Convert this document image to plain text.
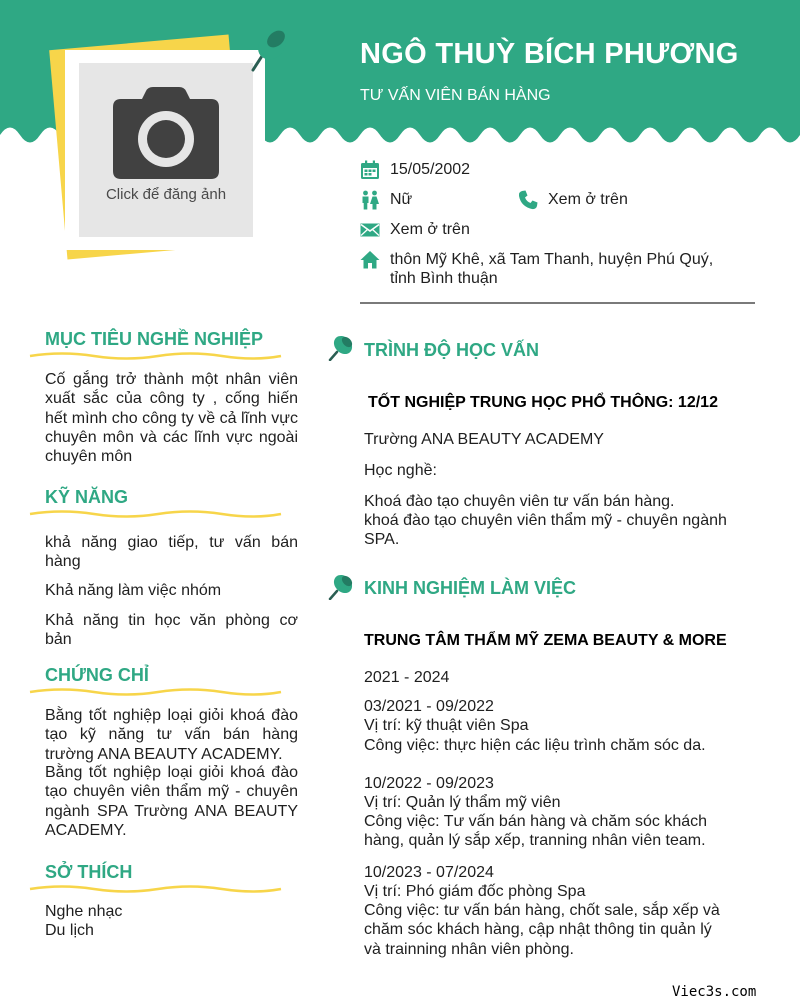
NGÔ THUỲ BÍCH PHƯƠNG
TƯ VẤN VIÊN BÁN HÀNG
Click để đăng ảnh
15/05/2002
Nữ	Xem ở trên
Xem ở trên
thôn Mỹ Khê, xã Tam Thanh, huyện Phú Quý, tỉnh Bình thuận
MỤC TIÊU NGHỀ NGHIỆP
Cố gắng trở thành một nhân viên xuất sắc của công ty , cống hiến hết mình cho công ty về cả lĩnh vực chuyên môn và các lĩnh vực ngoài chuyên môn
KỸ NĂNG
khả năng giao tiếp, tư vấn bán hàng
Khả năng làm việc nhóm
Khả năng tin học văn phòng cơ bản
CHỨNG CHỈ
Bằng tốt nghiệp loại giỏi khoá đào tạo kỹ năng tư vấn bán hàng trường ANA BEAUTY ACADEMY.
Bằng tốt nghiệp loại giỏi khoá đào tạo chuyên viên thẩm mỹ - chuyên ngành SPA Trường ANA BEAUTY ACADEMY.
SỞ THÍCH
Nghe nhạc
Du lịch
TRÌNH ĐỘ HỌC VẤN
TỐT NGHIỆP TRUNG HỌC PHỔ THÔNG: 12/12
Trường ANA BEAUTY ACADEMY
Học nghề:
Khoá đào tạo chuyên viên tư vấn bán hàng.
khoá đào tạo chuyên viên thẩm mỹ - chuyên ngành SPA.
KINH NGHIỆM LÀM VIỆC
TRUNG TÂM THẨM MỸ ZEMA BEAUTY & MORE
2021 - 2024
03/2021 - 09/2022
Vị trí: kỹ thuật viên Spa
Công việc: thực hiện các liệu trình chăm sóc da.
10/2022 - 09/2023
Vị trí: Quản lý thẩm mỹ viên
Công việc: Tư vấn bán hàng và chăm sóc khách hàng, quản lý sắp xếp, tranning nhân viên team.
10/2023 - 07/2024
Vị trí: Phó giám đốc phòng Spa
Công việc: tư vấn bán hàng, chốt sale, sắp xếp và chăm sóc khách hàng, cập nhật thông tin quản lý và trainning nhân viên phòng.
Viec3s.com
